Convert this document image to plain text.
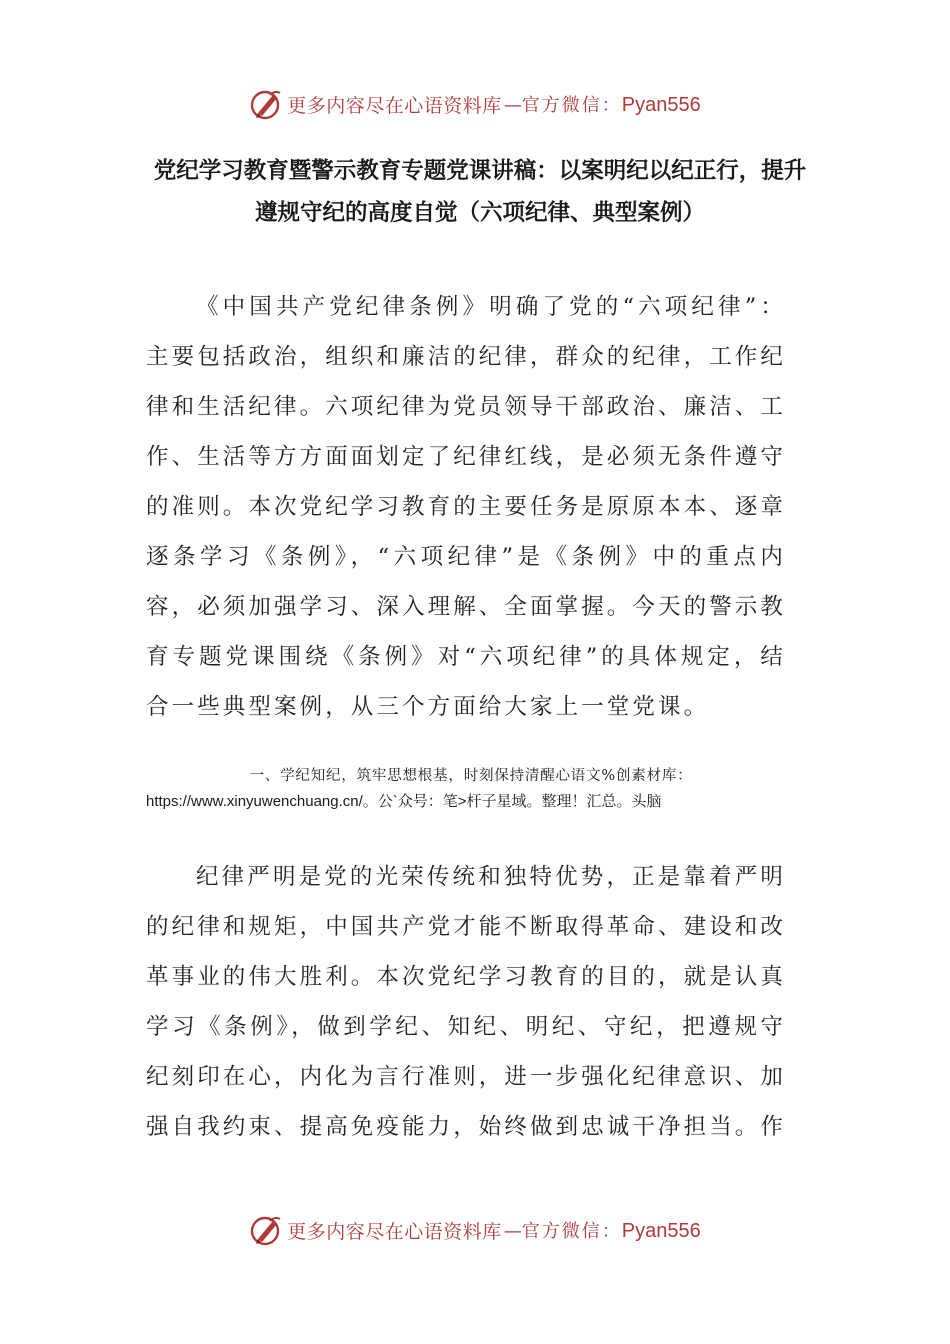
更多内容尽在心语资料库 —官方微信：Pyan556
党纪学习教育暨警示教育专题党课讲稿：以案明纪以纪正行，提升遵规守纪的高度自觉（六项纪律、典型案例）

《中国共产党纪律条例》明确了党的“六项纪律”：主要包括政治，组织和廉洁的纪律，群众的纪律，工作纪律和生活纪律。六项纪律为党员领导干部政治、廉洁、工作、生活等方方面面划定了纪律红线，是必须无条件遵守的准则。本次党纪学习教育的主要任务是原原本本、逐章逐条学习《条例》，“六项纪律”是《条例》中的重点内容，必须加强学习、深入理解、全面掌握。今天的警示教育专题党课围绕《条例》对“六项纪律”的具体规定，结合一些典型案例，从三个方面给大家上一堂党课。

一、学纪知纪，筑牢思想根基，时刻保持清醒心语文%创素材库：

https://www.xinyuwenchuang.cn/。公`众号：笔>杆子星域。整理！汇总。头脑

纪律严明是党的光荣传统和独特优势，正是靠着严明的纪律和规矩，中国共产党才能不断取得革命、建设和改革事业的伟大胜利。本次党纪学习教育的目的，就是认真学习《条例》，做到学纪、知纪、明纪、守纪，把遵规守纪刻印在心，内化为言行准则，进一步强化纪律意识、加强自我约束、提高免疫能力，始终做到忠诚干净担当。作

更多内容尽在心语资料库 —官方微信：Pyan556
